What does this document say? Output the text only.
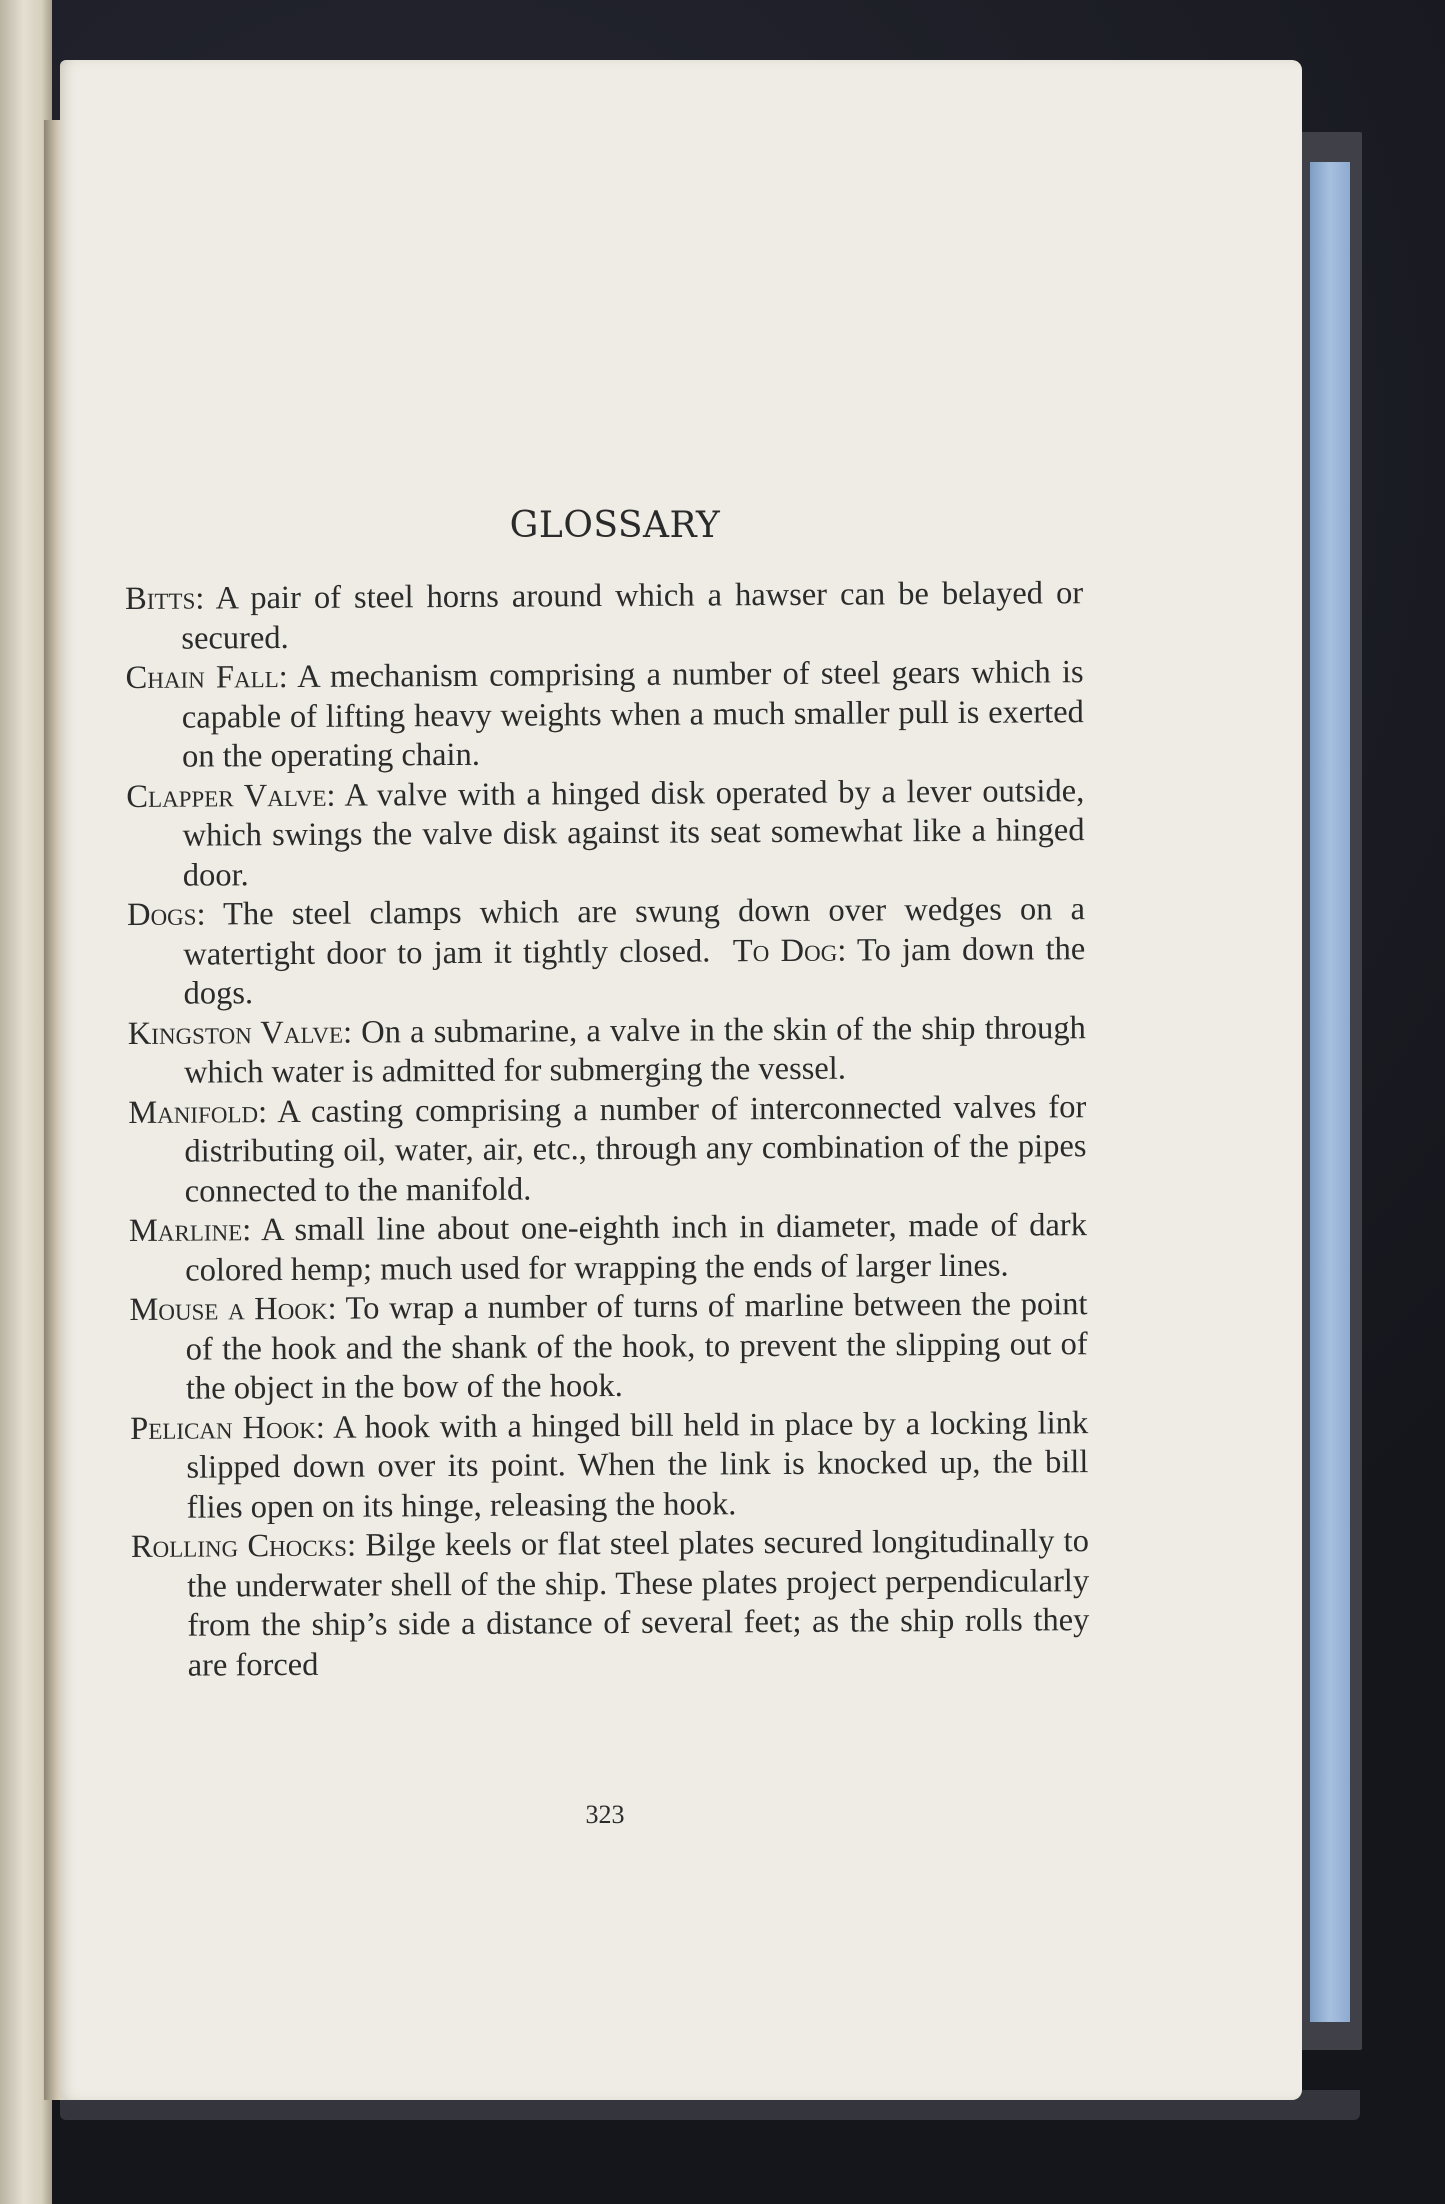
GLOSSARY

Bitts: A pair of steel horns around which a hawser can be belayed or secured.

Chain Fall: A mechanism comprising a number of steel gears which is capable of lifting heavy weights when a much smaller pull is exerted on the operating chain.

Clapper Valve: A valve with a hinged disk operated by a lever outside, which swings the valve disk against its seat somewhat like a hinged door.

Dogs: The steel clamps which are swung down over wedges on a watertight door to jam it tightly closed. To Dog: To jam down the dogs.

Kingston Valve: On a submarine, a valve in the skin of the ship through which water is admitted for submerging the vessel.

Manifold: A casting comprising a number of interconnected valves for distributing oil, water, air, etc., through any combination of the pipes connected to the manifold.

Marline: A small line about one-eighth inch in diameter, made of dark colored hemp; much used for wrapping the ends of larger lines.

Mouse a Hook: To wrap a number of turns of marline between the point of the hook and the shank of the hook, to prevent the slipping out of the object in the bow of the hook.

Pelican Hook: A hook with a hinged bill held in place by a locking link slipped down over its point. When the link is knocked up, the bill flies open on its hinge, releasing the hook.

Rolling Chocks: Bilge keels or flat steel plates secured longitudinally to the underwater shell of the ship. These plates project perpendicularly from the ship’s side a distance of several feet; as the ship rolls they are forced

323
